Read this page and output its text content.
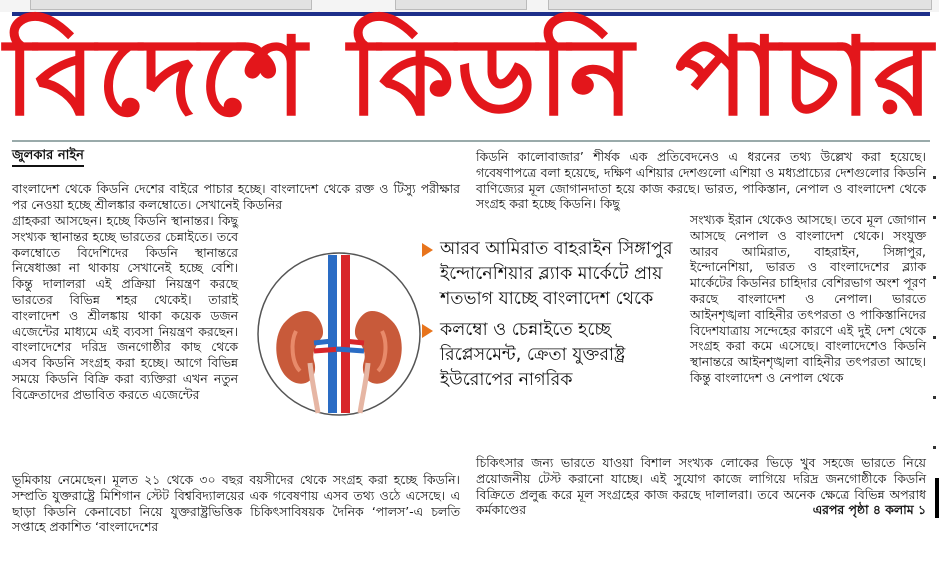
বিদেশে কিডনি পাচার
জুলকার নাইন

বাংলাদেশ থেকে কিডনি দেশের বাইরে পাচার হচ্ছে। বাংলাদেশ থেকে রক্ত ও টিস্যু পরীক্ষার পর নেওয়া হচ্ছে শ্রীলঙ্কার কলম্বোতে। সেখানেই কিডনির

গ্রাহকরা আসছেন। হচ্ছে কিডনি স্থানান্তর। কিছু সংখ্যক স্থানান্তর হচ্ছে ভারতের চেন্নাইতে। তবে কলম্বোতে বিদেশিদের কিডনি স্থানান্তরে নিষেধাজ্ঞা না থাকায় সেখানেই হচ্ছে বেশি। কিন্তু দালালরা এই প্রক্রিয়া নিয়ন্ত্রণ করছে ভারতের বিভিন্ন শহর থেকেই। তারাই বাংলাদেশ ও শ্রীলঙ্কায় থাকা কয়েক ডজন এজেন্টের মাধ্যমে এই ব্যবসা নিয়ন্ত্রণ করছেন। বাংলাদেশের দরিদ্র জনগোষ্ঠীর কাছ থেকে এসব কিডনি সংগ্রহ করা হচ্ছে। আগে বিভিন্ন সময়ে কিডনি বিক্রি করা ব্যক্তিরা এখন নতুন বিক্রেতাদের প্রভাবিত করতে এজেন্টের

কিডনি কালোবাজার’ শীর্ষক এক প্রতিবেদনেও এ ধরনের তথ্য উল্লেখ করা হয়েছে। গবেষণাপত্রে বলা হয়েছে, দক্ষিণ এশিয়ার দেশগুলো এশিয়া ও মধ্যপ্রাচ্যের দেশগুলোর কিডনি বাণিজ্যের মূল জোগানদাতা হয়ে কাজ করছে। ভারত, পাকিস্তান, নেপাল ও বাংলাদেশ থেকে সংগ্রহ করা হচ্ছে কিডনি। কিছু

সংখ্যক ইরান থেকেও আসছে। তবে মূল জোগান আসছে নেপাল ও বাংলাদেশ থেকে। সংযুক্ত আরব আমিরাত, বাহরাইন, সিঙ্গাপুর, ইন্দোনেশিয়া, ভারত ও বাংলাদেশের ব্ল্যাক মার্কেটের কিডনির চাহিদার বেশিরভাগ অংশ পূরণ করছে বাংলাদেশ ও নেপাল। ভারতে আইনশৃঙ্খলা বাহিনীর তৎপরতা ও পাকিস্তানিদের বিদেশযাত্রায় সন্দেহের কারণে এই দুই দেশ থেকে সংগ্রহ করা কমে এসেছে। বাংলাদেশেও কিডনি স্থানান্তরে আইনশৃঙ্খলা বাহিনীর তৎপরতা আছে। কিন্তু বাংলাদেশ ও নেপাল থেকে

আরব আমিরাত বাহরাইন সিঙ্গাপুর ইন্দোনেশিয়ার ব্ল্যাক মার্কেটে প্রায় শতভাগ যাচ্ছে বাংলাদেশ থেকে
কলম্বো ও চেন্নাইতে হচ্ছে রিপ্লেসমেন্ট, ক্রেতা যুক্তরাষ্ট্র ইউরোপের নাগরিক

ভূমিকায় নেমেছেন। মূলত ২১ থেকে ৩০ বছর বয়সীদের থেকে সংগ্রহ করা হচ্ছে কিডনি। সম্প্রতি যুক্তরাষ্ট্রে মিশিগান স্টেট বিশ্ববিদ্যালয়ের এক গবেষণায় এসব তথ্য ওঠে এসেছে। এ ছাড়া কিডনি কেনাবেচা নিয়ে যুক্তরাষ্ট্রভিত্তিক চিকিৎসাবিষয়ক দৈনিক ‘পালস’-এ চলতি সপ্তাহে প্রকাশিত ‘বাংলাদেশের

চিকিৎসার জন্য ভারতে যাওয়া বিশাল সংখ্যক লোকের ভিড়ে খুব সহজে ভারতে নিয়ে প্রয়োজনীয় টেস্ট করানো যাচ্ছে। এই সুযোগ কাজে লাগিয়ে দরিদ্র জনগোষ্ঠীকে কিডনি বিক্রিতে প্রলুব্ধ করে মূল সংগ্রহের কাজ করছে দালালরা। তবে অনেক ক্ষেত্রে বিভিন্ন অপরাধ কর্মকাণ্ডের	এরপর পৃষ্ঠা ৪ কলাম ১
